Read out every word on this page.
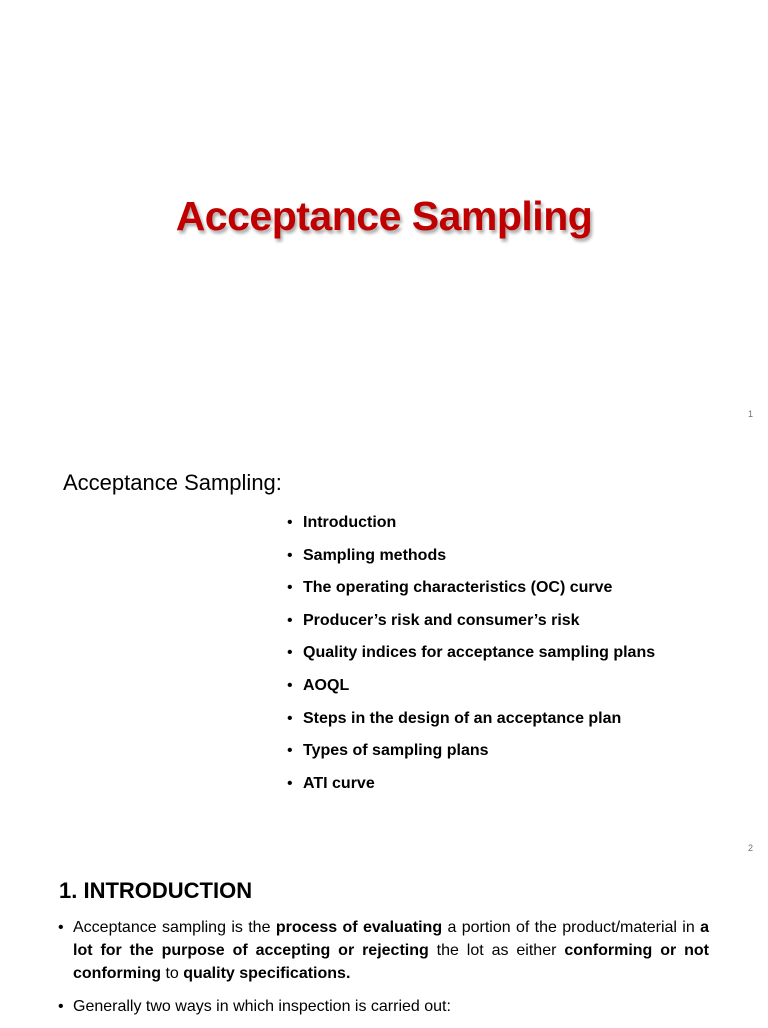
Acceptance Sampling
1
Acceptance Sampling:
• Introduction
• Sampling methods
• The operating characteristics (OC) curve
• Producer’s risk and consumer’s risk
• Quality indices for acceptance sampling plans
• AOQL
• Steps in the design of an acceptance plan
• Types of sampling plans
• ATI curve
2
1. INTRODUCTION
• Acceptance sampling is the process of evaluating a portion of the product/material in a lot for the purpose of accepting or rejecting the lot as either conforming or not conforming to quality specifications.
• Generally two ways in which inspection is carried out:
